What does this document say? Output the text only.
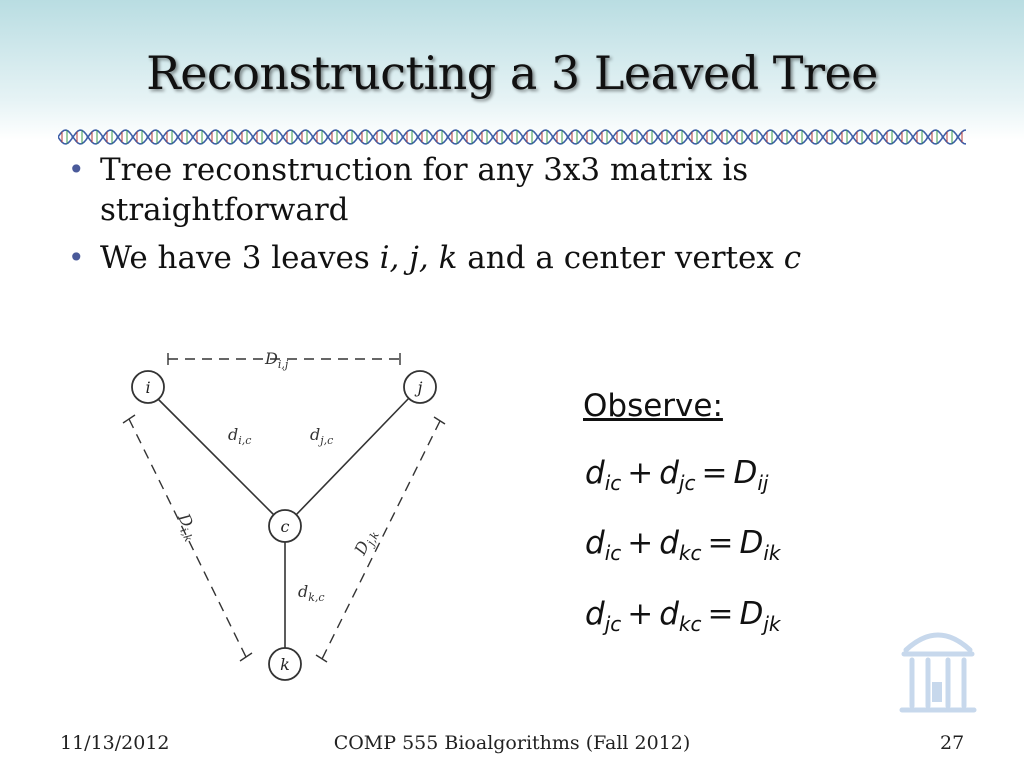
Reconstructing a 3 Leaved Tree
• Tree reconstruction for any 3x3 matrix is straightforward
• We have 3 leaves i, j, k and a center vertex c
i	j
c
k
$d_{i,c}$	$d_{j,c}$
$d_{k,c}$
$D_{i,j}$
$D_{i,k}$
$D_{j,k}$
Observe:
$d_{ic} + d_{jc} = D_{ij}$
$d_{ic} + d_{kc} = D_{ik}$
$d_{jc} + d_{kc} = D_{jk}$
11/13/2012	COMP 555 Bioalgorithms (Fall 2012)	27
